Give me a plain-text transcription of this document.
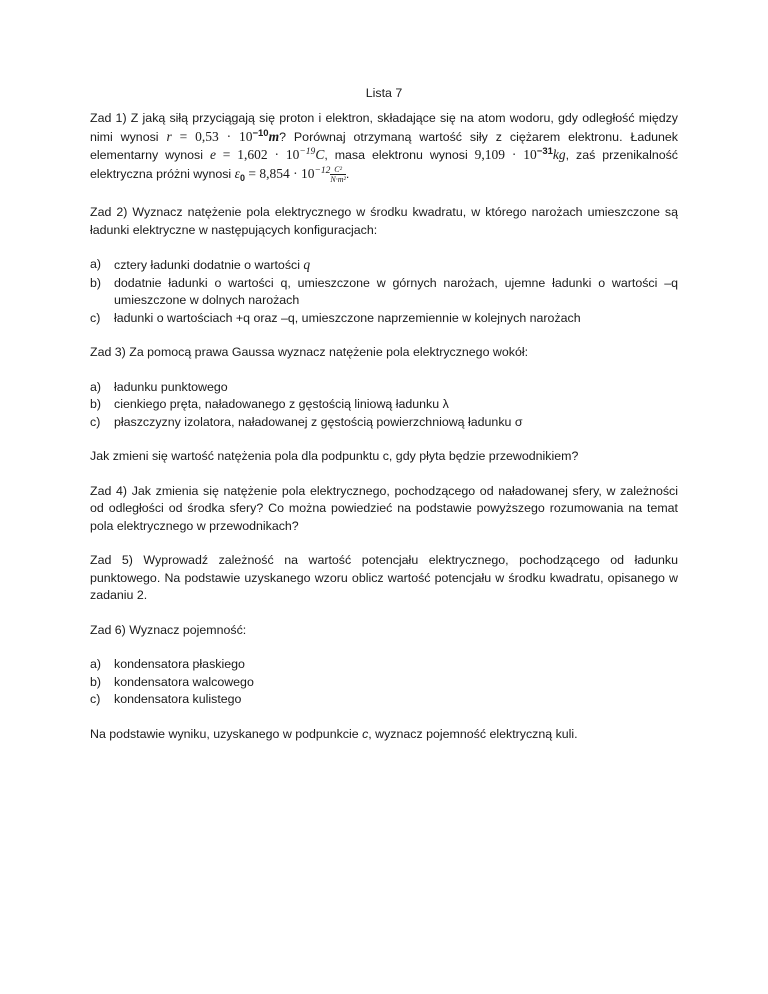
Lista 7

Zad 1) Z jaką siłą przyciągają się proton i elektron, składające się na atom wodoru, gdy odległość między nimi wynosi $r = 0,53 \cdot 10^{-10}m$? Porównaj otrzymaną wartość siły z ciężarem elektronu. Ładunek elementarny wynosi $e = 1,602 \cdot 10^{-19}C$, masa elektronu wynosi $9,109 \cdot 10^{-31}kg$, zaś przenikalność elektryczna próżni wynosi $\varepsilon_0 = 8,854 \cdot 10^{-12} \frac{\text{C²}}{\text{N·m²}}$ .

Zad 2) Wyznacz natężenie pola elektrycznego w środku kwadratu, w którego narożach umieszczone są ładunki elektryczne w następujących konfiguracjach:

a) cztery ładunki dodatnie o wartości q
b) dodatnie ładunki o wartości q, umieszczone w górnych narożach, ujemne ładunki o wartości –q umieszczone w dolnych narożach
c) ładunki o wartościach +q oraz –q, umieszczone naprzemiennie w kolejnych narożach

Zad 3) Za pomocą prawa Gaussa wyznacz natężenie pola elektrycznego wokół:

a) ładunku punktowego
b) cienkiego pręta, naładowanego z gęstością liniową ładunku λ
c) płaszczyzny izolatora, naładowanej z gęstością powierzchniową ładunku σ

Jak zmieni się wartość natężenia pola dla podpunktu c, gdy płyta będzie przewodnikiem?

Zad 4) Jak zmienia się natężenie pola elektrycznego, pochodzącego od naładowanej sfery, w zależności od odległości od środka sfery? Co można powiedzieć na podstawie powyższego rozumowania na temat pola elektrycznego w przewodnikach?

Zad 5) Wyprowadź zależność na wartość potencjału elektrycznego, pochodzącego od ładunku punktowego. Na podstawie uzyskanego wzoru oblicz wartość potencjału w środku kwadratu, opisanego w zadaniu 2.

Zad 6) Wyznacz pojemność:

a) kondensatora płaskiego
b) kondensatora walcowego
c) kondensatora kulistego

Na podstawie wyniku, uzyskanego w podpunkcie c, wyznacz pojemność elektryczną kuli.
